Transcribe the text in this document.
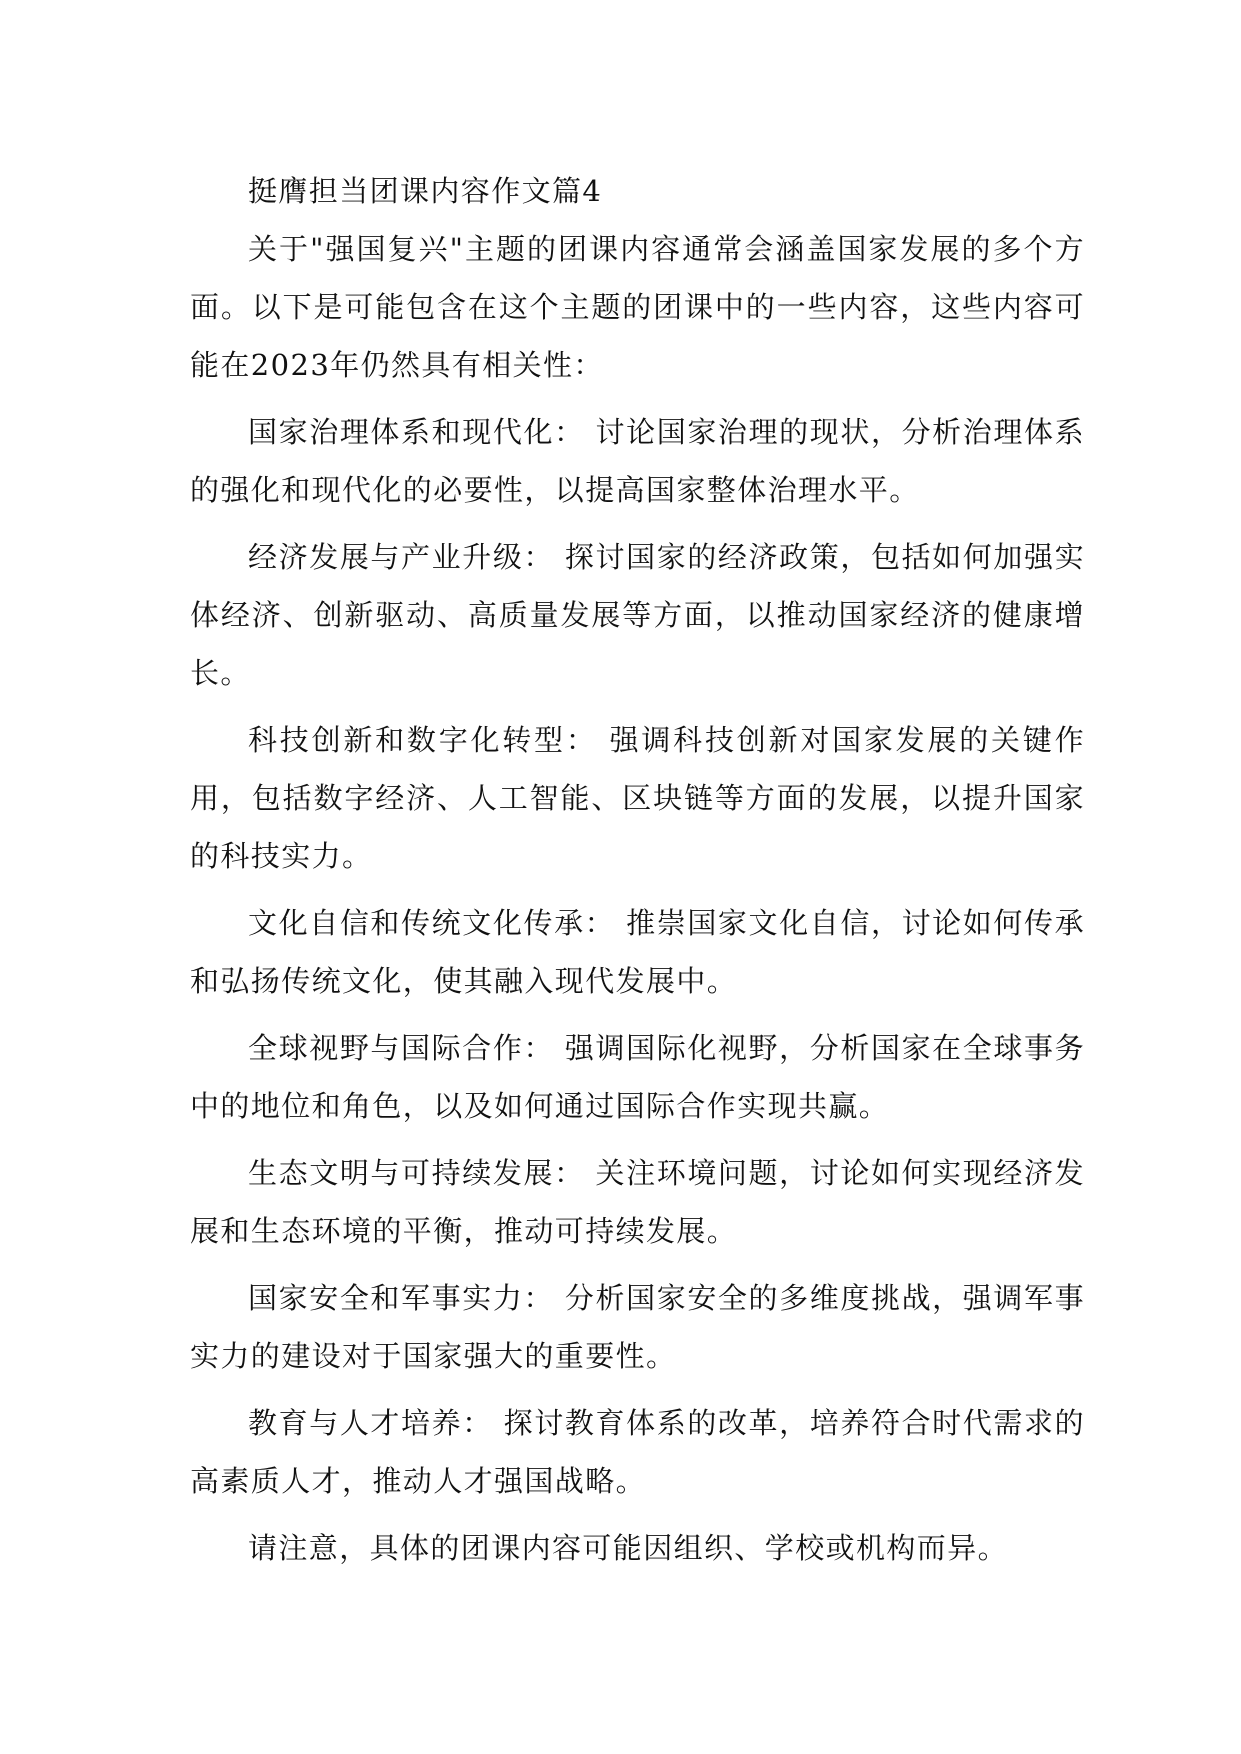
挺膺担当团课内容作文篇4

关于"强国复兴"主题的团课内容通常会涵盖国家发展的多个方面。以下是可能包含在这个主题的团课中的一些内容，这些内容可能在2023年仍然具有相关性：

国家治理体系和现代化： 讨论国家治理的现状，分析治理体系的强化和现代化的必要性，以提高国家整体治理水平。

经济发展与产业升级： 探讨国家的经济政策，包括如何加强实体经济、创新驱动、高质量发展等方面，以推动国家经济的健康增长。

科技创新和数字化转型： 强调科技创新对国家发展的关键作用，包括数字经济、人工智能、区块链等方面的发展，以提升国家的科技实力。

文化自信和传统文化传承： 推崇国家文化自信，讨论如何传承和弘扬传统文化，使其融入现代发展中。

全球视野与国际合作： 强调国际化视野，分析国家在全球事务中的地位和角色，以及如何通过国际合作实现共赢。

生态文明与可持续发展： 关注环境问题，讨论如何实现经济发展和生态环境的平衡，推动可持续发展。

国家安全和军事实力： 分析国家安全的多维度挑战，强调军事实力的建设对于国家强大的重要性。

教育与人才培养： 探讨教育体系的改革，培养符合时代需求的高素质人才，推动人才强国战略。

请注意，具体的团课内容可能因组织、学校或机构而异。
